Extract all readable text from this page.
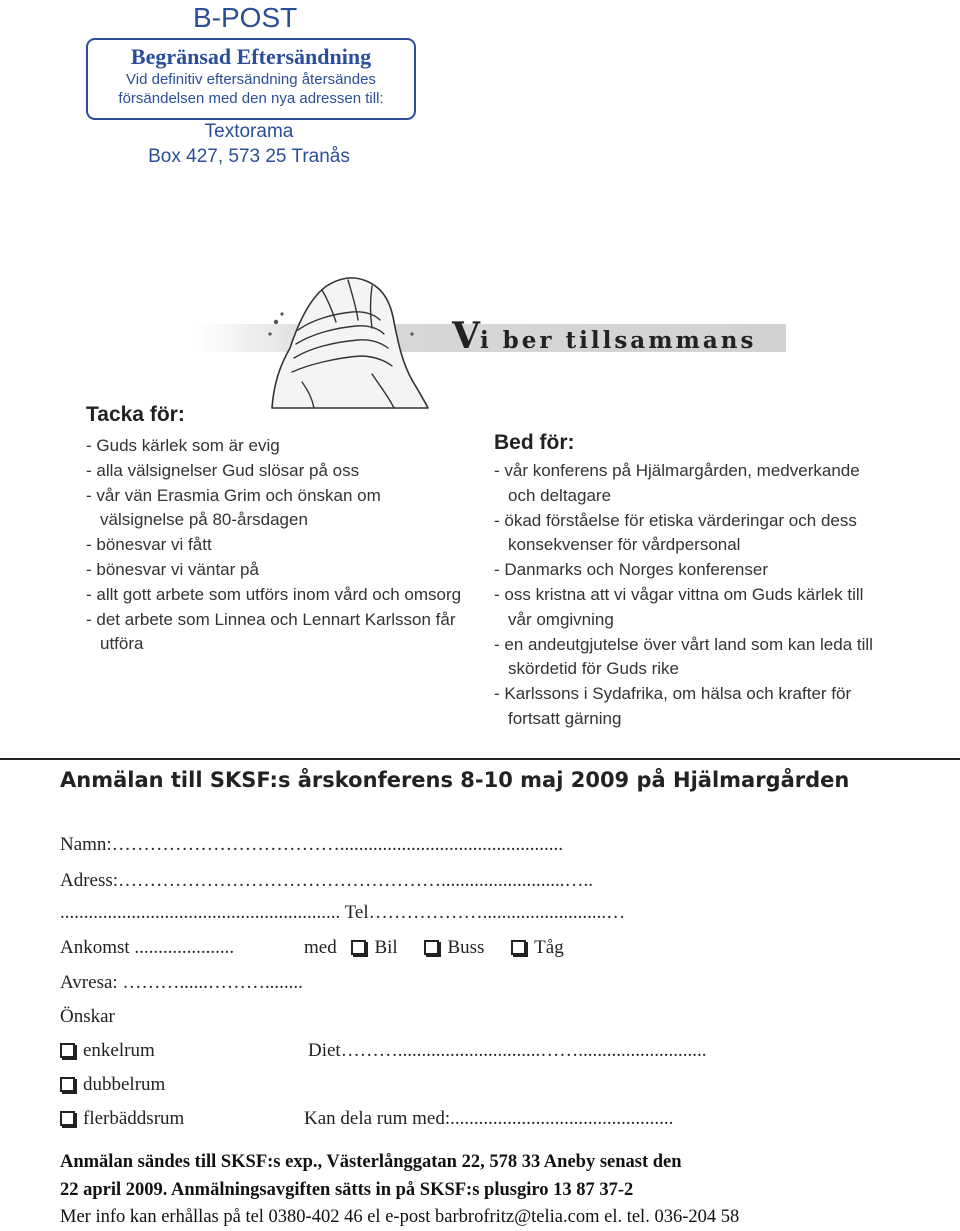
B-POST
Begränsad Eftersändning
Vid definitiv eftersändning återsändes
försändelsen med den nya adressen till:
Textorama
Box 427, 573 25 Tranås
Vi ber tillsammans
Tacka för:
- Guds kärlek som är evig
- alla välsignelser Gud slösar på oss
- vår vän Erasmia Grim och önskan om välsignelse på 80-årsdagen
- bönesvar vi fått
- bönesvar vi väntar på
- allt gott arbete som utförs inom vård och omsorg
- det arbete som Linnea och Lennart Karlsson får utföra
Bed för:
- vår konferens på Hjälmargården, medverkande och deltagare
- ökad förståelse för etiska värderingar och dess konsekvenser för vårdpersonal
- Danmarks och Norges konferenser
- oss kristna att vi vågar vittna om Guds kärlek till vår omgivning
- en andeutgjutelse över vårt land som kan leda till skördetid för Guds rike
- Karlssons i Sydafrika, om hälsa och krafter för fortsatt gärning
Anmälan till SKSF:s årskonferens 8-10 maj 2009 på Hjälmargården
Namn:………………………………...............................................
Adress:……………………………………………..........................…..
........................................................... Tel………………..........................…
Ankomst .....................	med Bil	Buss	Tåg
Avresa: ………......………........
Önskar
enkelrum	Diet………..............................……...........................
dubbelrum
flerbäddsrum	Kan dela rum med:...............................................
Anmälan sändes till SKSF:s exp., Västerlånggatan 22, 578 33 Aneby senast den
22 april 2009. Anmälningsavgiften sätts in på SKSF:s plusgiro 13 87 37-2
Mer info kan erhållas på tel 0380-402 46 el e-post barbrofritz@telia.com el. tel. 036-204 58
